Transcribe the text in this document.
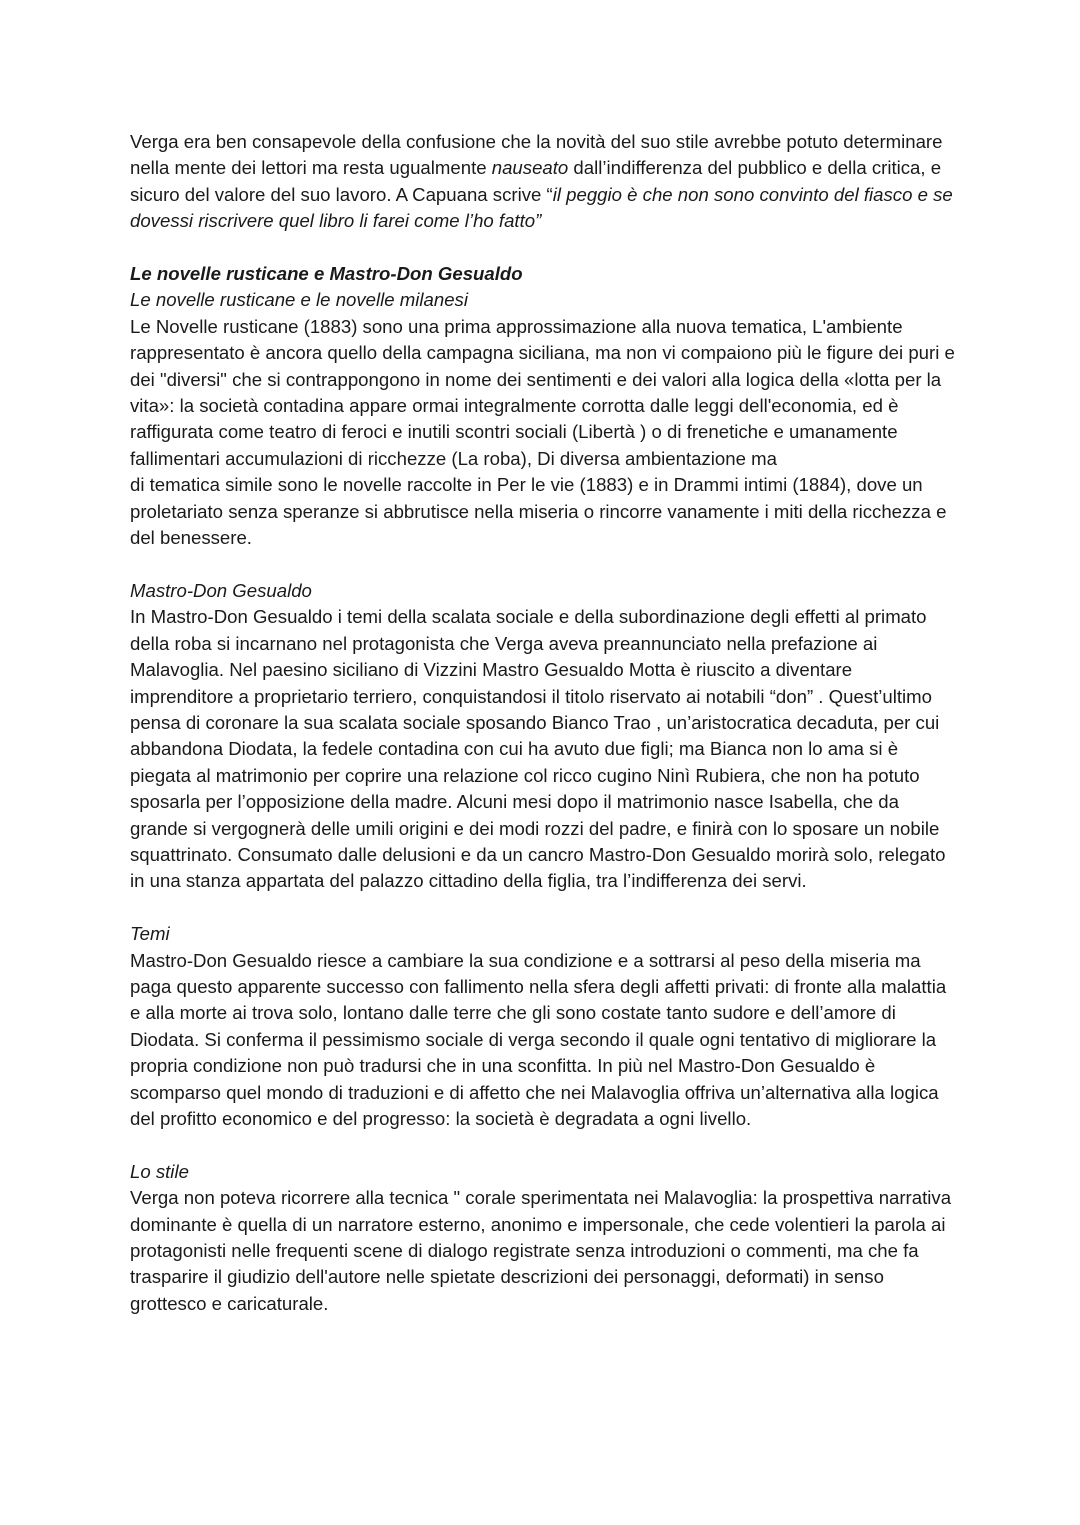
Verga era ben consapevole della confusione che la novità del suo stile avrebbe potuto determinare nella mente dei lettori ma resta ugualmente nauseato dall’indifferenza del pubblico e della critica, e sicuro del valore del suo lavoro. A Capuana scrive “il peggio è che non sono convinto del fiasco e se dovessi riscrivere quel libro li farei come l’ho fatto”

Le novelle rusticane e Mastro-Don Gesualdo

Le novelle rusticane e le novelle milanesi

Le Novelle rusticane (1883) sono una prima approssimazione alla nuova tematica, L'ambiente rappresentato è ancora quello della campagna siciliana, ma non vi compaiono più le figure dei puri e dei "diversi" che si contrappongono in nome dei sentimenti e dei valori alla logica della «lotta per la vita»: la società contadina appare ormai integralmente corrotta dalle leggi dell'economia, ed è raffigurata come teatro di feroci e inutili scontri sociali (Libertà ) o di frenetiche e umanamente fallimentari accumulazioni di ricchezze (La roba), Di diversa ambientazione ma

di tematica simile sono le novelle raccolte in Per le vie (1883) e in Drammi intimi (1884), dove un proletariato senza speranze si abbrutisce nella miseria o rincorre vanamente i miti della ricchezza e del benessere.

Mastro-Don Gesualdo

In Mastro-Don Gesualdo i temi della scalata sociale e della subordinazione degli effetti al primato della roba si incarnano nel protagonista che Verga aveva preannunciato nella prefazione ai Malavoglia. Nel paesino siciliano di Vizzini Mastro Gesualdo Motta è riuscito a diventare imprenditore a proprietario terriero, conquistandosi il titolo riservato ai notabili “don” . Quest’ultimo pensa di coronare la sua scalata sociale sposando Bianco Trao , un’aristocratica decaduta, per cui abbandona Diodata, la fedele contadina con cui ha avuto due figli; ma Bianca non lo ama si è piegata al matrimonio per coprire una relazione col ricco cugino Ninì Rubiera, che non ha potuto sposarla per l’opposizione della madre. Alcuni mesi dopo il matrimonio nasce Isabella, che da grande si vergognerà delle umili origini e dei modi rozzi del padre, e finirà con lo sposare un nobile squattrinato. Consumato dalle delusioni e da un cancro Mastro-Don Gesualdo morirà solo, relegato in una stanza appartata del palazzo cittadino della figlia, tra l’indifferenza dei servi.

Temi

Mastro-Don Gesualdo riesce a cambiare la sua condizione e a sottrarsi al peso della miseria ma paga questo apparente successo con fallimento nella sfera degli affetti privati: di fronte alla malattia e alla morte ai trova solo, lontano dalle terre che gli sono costate tanto sudore e dell’amore di Diodata. Si conferma il pessimismo sociale di verga secondo il quale ogni tentativo di migliorare la propria condizione non può tradursi che in una sconfitta. In più nel Mastro-Don Gesualdo è scomparso quel mondo di traduzioni e di affetto che nei Malavoglia offriva un’alternativa alla logica del profitto economico e del progresso: la società è degradata a ogni livello.

Lo stile

Verga non poteva ricorrere alla tecnica " corale sperimentata nei Malavoglia: la prospettiva narrativa dominante è quella di un narratore esterno, anonimo e impersonale, che cede volentieri la parola ai protagonisti nelle frequenti scene di dialogo registrate senza introduzioni o commenti, ma che fa trasparire il giudizio dell'autore nelle spietate descrizioni dei personaggi, deformati) in senso grottesco e caricaturale.
